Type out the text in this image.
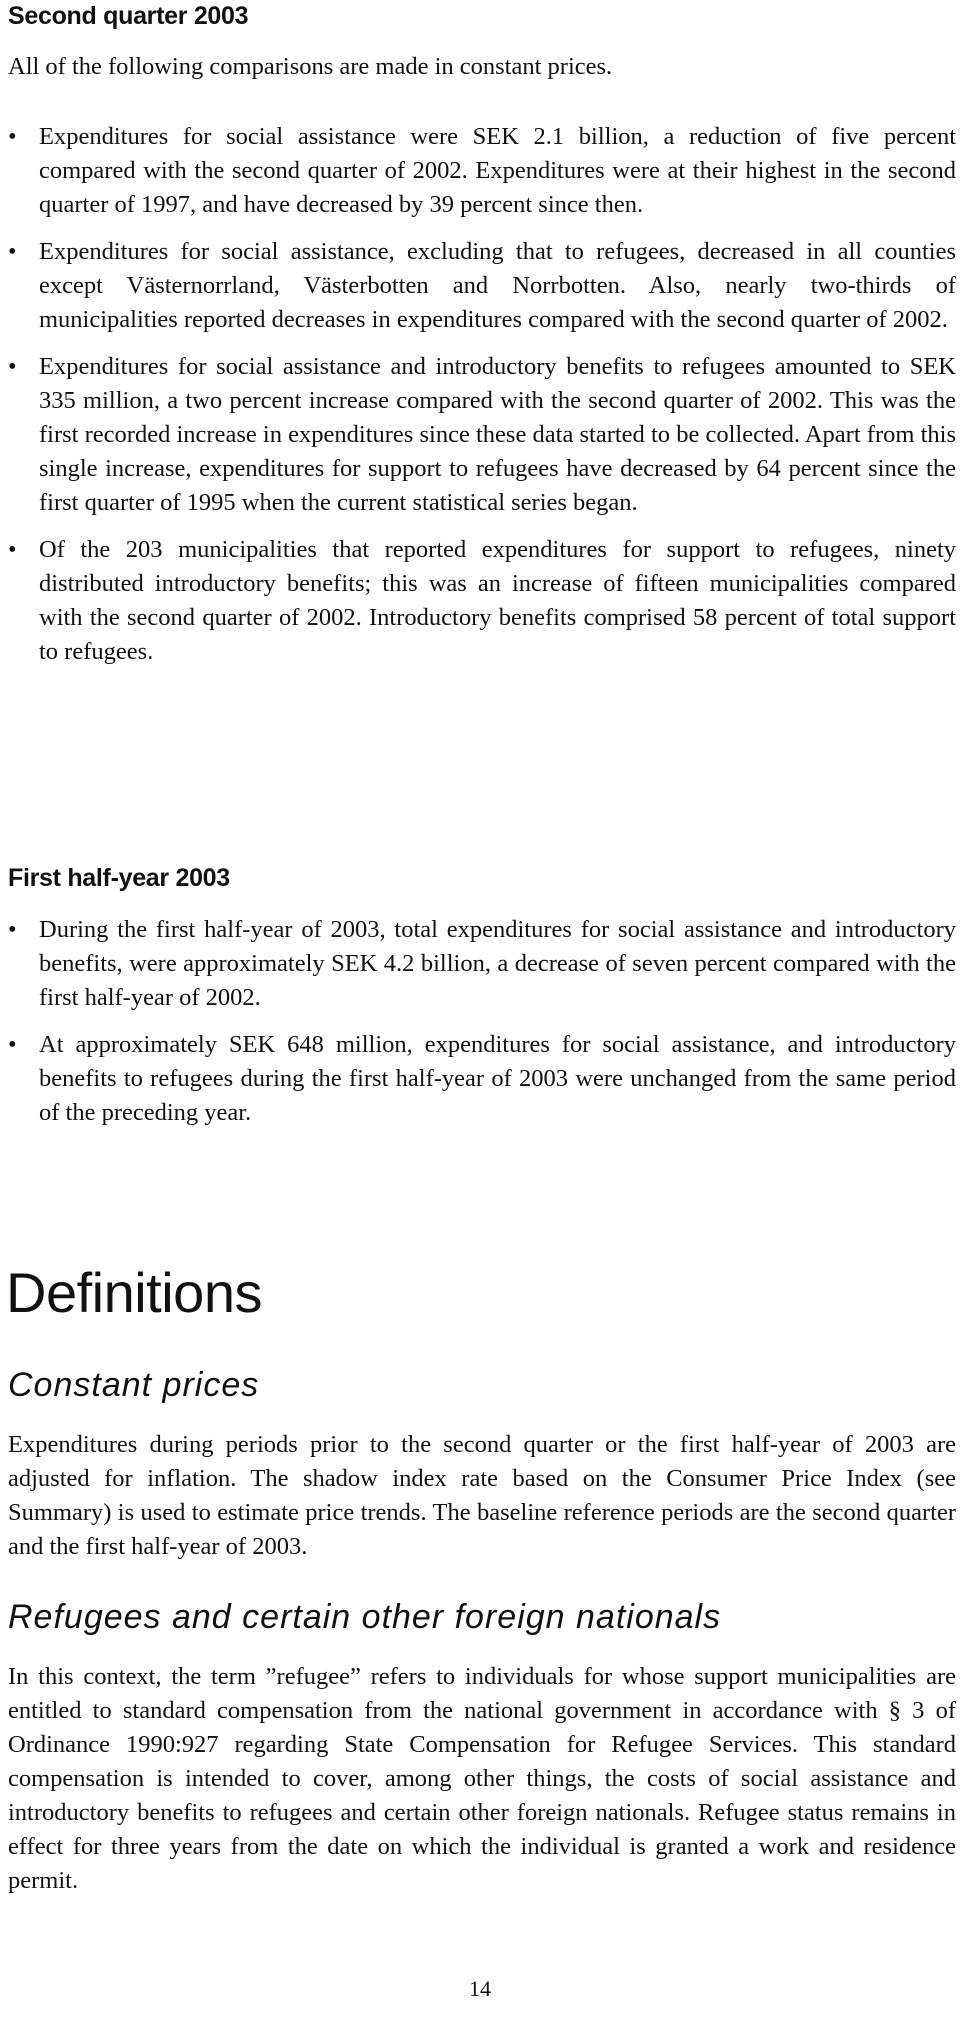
Second quarter 2003

All of the following comparisons are made in constant prices.

• Expenditures for social assistance were SEK 2.1 billion, a reduction of five percent compared with the second quarter of 2002. Expenditures were at their highest in the second quarter of 1997, and have decreased by 39 percent since then.
• Expenditures for social assistance, excluding that to refugees, decreased in all counties except Västernorrland, Västerbotten and Norrbotten. Also, nearly two-thirds of municipalities reported decreases in expenditures compared with the second quarter of 2002.
• Expenditures for social assistance and introductory benefits to refugees amounted to SEK 335 million, a two percent increase compared with the second quarter of 2002. This was the first recorded increase in expenditures since these data started to be collected. Apart from this single increase, expenditures for support to refugees have decreased by 64 percent since the first quarter of 1995 when the current statistical series began.
• Of the 203 municipalities that reported expenditures for support to refugees, ninety distributed introductory benefits; this was an increase of fifteen municipalities compared with the second quarter of 2002. Introductory benefits comprised 58 percent of total support to refugees.
First half-year 2003
• During the first half-year of 2003, total expenditures for social assistance and introductory benefits, were approximately SEK 4.2 billion, a decrease of seven percent compared with the first half-year of 2002.
• At approximately SEK 648 million, expenditures for social assistance, and introductory benefits to refugees during the first half-year of 2003 were unchanged from the same period of the preceding year.
Definitions
Constant prices

Expenditures during periods prior to the second quarter or the first half-year of 2003 are adjusted for inflation. The shadow index rate based on the Consumer Price Index (see Summary) is used to estimate price trends. The baseline reference periods are the second quarter and the first half-year of 2003.

Refugees and certain other foreign nationals

In this context, the term ”refugee” refers to individuals for whose support municipalities are entitled to standard compensation from the national government in accordance with § 3 of Ordinance 1990:927 regarding State Compensation for Refugee Services. This standard compensation is intended to cover, among other things, the costs of social assistance and introductory benefits to refugees and certain other foreign nationals. Refugee status remains in effect for three years from the date on which the individual is granted a work and residence permit.

14
